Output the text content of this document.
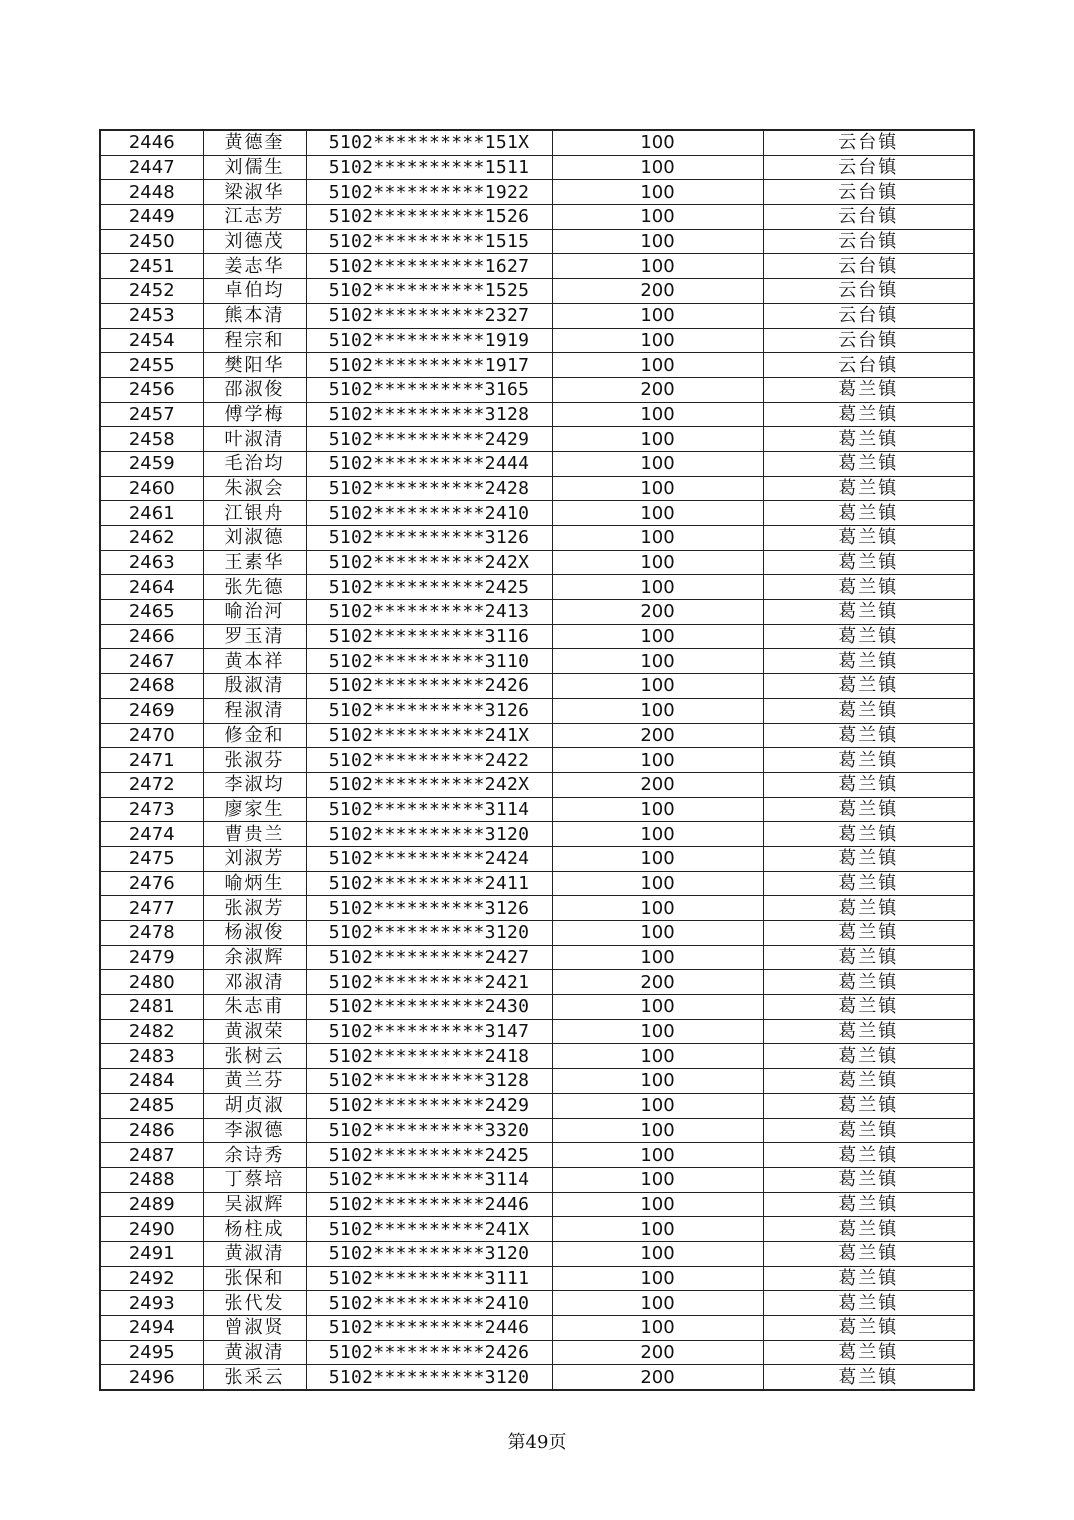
2446	黄德奎	5102**********151X	100	云台镇
2447	刘儒生	5102**********1511	100	云台镇
2448	梁淑华	5102**********1922	100	云台镇
2449	江志芳	5102**********1526	100	云台镇
2450	刘德茂	5102**********1515	100	云台镇
2451	姜志华	5102**********1627	100	云台镇
2452	卓伯均	5102**********1525	200	云台镇
2453	熊本清	5102**********2327	100	云台镇
2454	程宗和	5102**********1919	100	云台镇
2455	樊阳华	5102**********1917	100	云台镇
2456	邵淑俊	5102**********3165	200	葛兰镇
2457	傅学梅	5102**********3128	100	葛兰镇
2458	叶淑清	5102**********2429	100	葛兰镇
2459	毛治均	5102**********2444	100	葛兰镇
2460	朱淑会	5102**********2428	100	葛兰镇
2461	江银舟	5102**********2410	100	葛兰镇
2462	刘淑德	5102**********3126	100	葛兰镇
2463	王素华	5102**********242X	100	葛兰镇
2464	张先德	5102**********2425	100	葛兰镇
2465	喻治河	5102**********2413	200	葛兰镇
2466	罗玉清	5102**********3116	100	葛兰镇
2467	黄本祥	5102**********3110	100	葛兰镇
2468	殷淑清	5102**********2426	100	葛兰镇
2469	程淑清	5102**********3126	100	葛兰镇
2470	修金和	5102**********241X	200	葛兰镇
2471	张淑芬	5102**********2422	100	葛兰镇
2472	李淑均	5102**********242X	200	葛兰镇
2473	廖家生	5102**********3114	100	葛兰镇
2474	曹贵兰	5102**********3120	100	葛兰镇
2475	刘淑芳	5102**********2424	100	葛兰镇
2476	喻炳生	5102**********2411	100	葛兰镇
2477	张淑芳	5102**********3126	100	葛兰镇
2478	杨淑俊	5102**********3120	100	葛兰镇
2479	余淑辉	5102**********2427	100	葛兰镇
2480	邓淑清	5102**********2421	200	葛兰镇
2481	朱志甫	5102**********2430	100	葛兰镇
2482	黄淑荣	5102**********3147	100	葛兰镇
2483	张树云	5102**********2418	100	葛兰镇
2484	黄兰芬	5102**********3128	100	葛兰镇
2485	胡贞淑	5102**********2429	100	葛兰镇
2486	李淑德	5102**********3320	100	葛兰镇
2487	余诗秀	5102**********2425	100	葛兰镇
2488	丁蔡培	5102**********3114	100	葛兰镇
2489	吴淑辉	5102**********2446	100	葛兰镇
2490	杨柱成	5102**********241X	100	葛兰镇
2491	黄淑清	5102**********3120	100	葛兰镇
2492	张保和	5102**********3111	100	葛兰镇
2493	张代发	5102**********2410	100	葛兰镇
2494	曾淑贤	5102**********2446	100	葛兰镇
2495	黄淑清	5102**********2426	200	葛兰镇
2496	张采云	5102**********3120	200	葛兰镇
第49页
